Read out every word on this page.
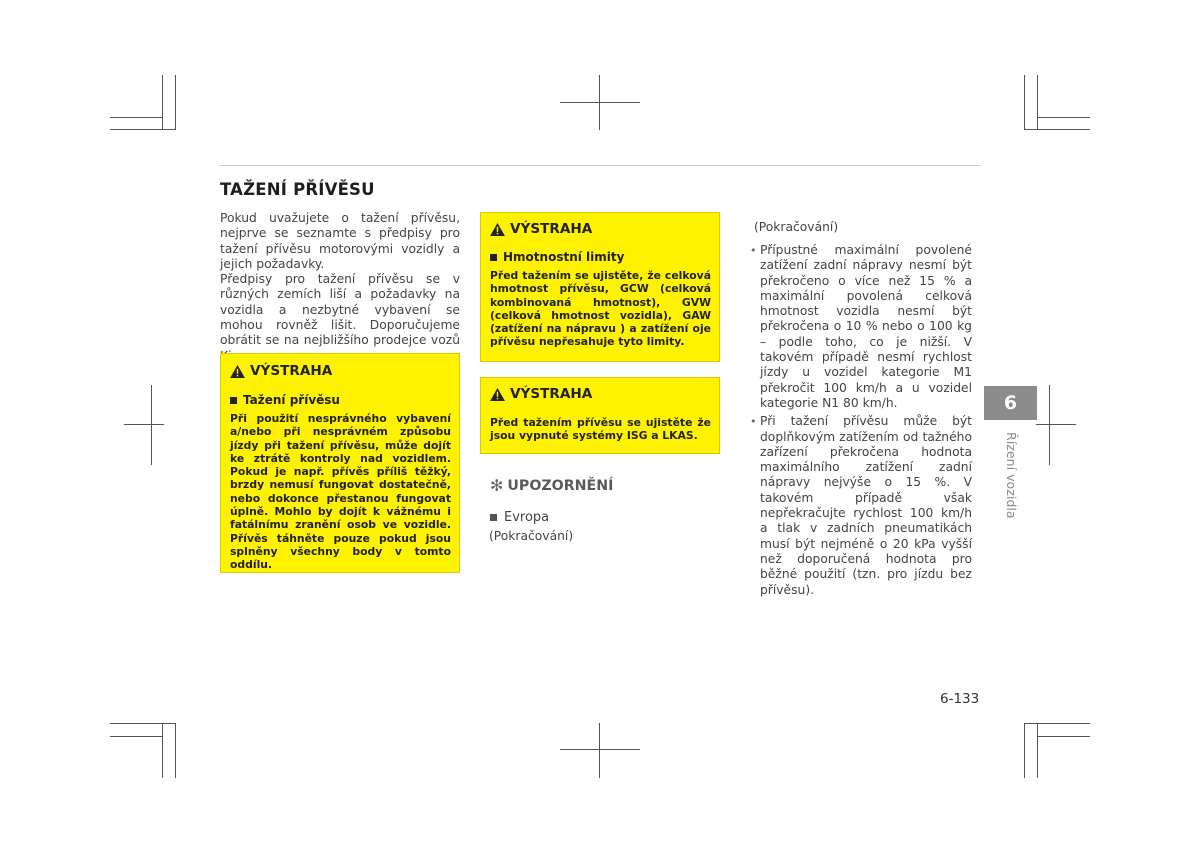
TAŽENÍ PŘÍVĚSU

Pokud uvažujete o tažení přívěsu, nejprve se seznamte s předpisy pro tažení přívěsu motorovými vozidly a jejich požadavky.

Předpisy pro tažení přívěsu se v různých zemích liší a požadavky na vozidla a nezbytné vybavení se mohou rovněž lišit. Doporučujeme obrátit se na nejbližšího prodejce vozů

VÝSTRAHA
Tažení přívěsu

Při použití nesprávného vybavení a/nebo při nesprávném způsobu jízdy při tažení přívěsu, může dojít ke ztrátě kontroly nad vozidlem. Pokud je např. přívěs příliš těžký, brzdy nemusí fungovat dostatečně, nebo dokonce přestanou fungovat úplně. Mohlo by dojít k vážnému i fatálnímu zranění osob ve vozidle. Přívěs táhněte pouze pokud jsou splněny všechny body v tomto oddílu.

VÝSTRAHA
Hmotnostní limity

Před tažením se ujistěte, že celková hmotnost přívěsu, GCW (celková kombinovaná hmotnost), GVW (celková hmotnost vozidla), GAW (zatížení na nápravu ) a zatížení oje přívěsu nepřesahuje tyto limity.

VÝSTRAHA

Před tažením přívěsu se ujistěte že jsou vypnuté systémy ISG a LKAS.

✻ UPOZORNĚNÍ
Evropa
(Pokračování)
(Pokračování)
• Přípustné maximální povolené zatížení zadní nápravy nesmí být překročeno o více než 15 % a maximální povolená celková hmotnost vozidla nesmí být překročena o 10 % nebo o 100 kg – podle toho, co je nižší. V takovém případě nesmí rychlost jízdy u vozidel kategorie M1 překročit 100 km/h a u vozidel kategorie N1 80 km/h.
• Při tažení přívěsu může být doplňkovým zatížením od tažného zařízení překročena hodnota maximálního zatížení zadní nápravy nejvýše o 15 %. V takovém případě však nepřekračujte rychlost 100 km/h a tlak v zadních pneumatikách musí být nejméně o 20 kPa vyšší než doporučená hodnota pro běžné použití (tzn. pro jízdu bez přívěsu).
6
Řízení vozidla
6-133
